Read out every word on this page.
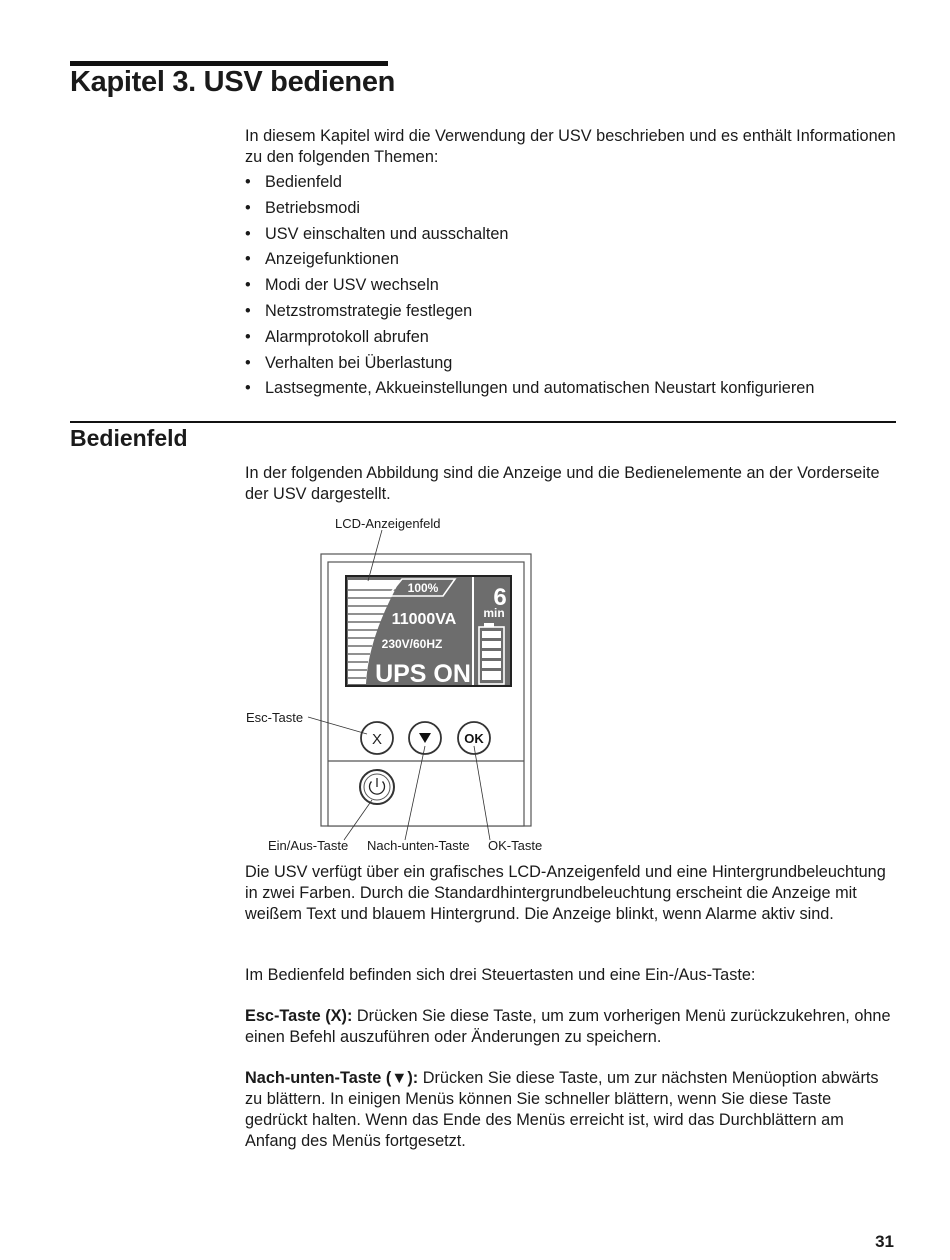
Kapitel 3. USV bedienen

In diesem Kapitel wird die Verwendung der USV beschrieben und es enthält Informationen zu den folgenden Themen:

• Bedienfeld
• Betriebsmodi
• USV einschalten und ausschalten
• Anzeigefunktionen
• Modi der USV wechseln
• Netzstromstrategie festlegen
• Alarmprotokoll abrufen
• Verhalten bei Überlastung
• Lastsegmente, Akkueinstellungen und automatischen Neustart konfigurieren
Bedienfeld

In der folgenden Abbildung sind die Anzeige und die Bedienelemente an der Vorderseite der USV dargestellt.

LCD-Anzeigenfeld
Esc-Taste
Ein/Aus-Taste Nach-unten-Taste OK-Taste
100%
11000VA
230V/60HZ
UPS ON
6
min
X	OK

Die USV verfügt über ein grafisches LCD-Anzeigenfeld und eine Hintergrundbeleuchtung in zwei Farben. Durch die Standardhintergrundbeleuchtung erscheint die Anzeige mit weißem Text und blauem Hintergrund. Die Anzeige blinkt, wenn Alarme aktiv sind.

Im Bedienfeld befinden sich drei Steuertasten und eine Ein-/Aus-Taste:

Esc-Taste (X): Drücken Sie diese Taste, um zum vorherigen Menü zurückzukehren, ohne einen Befehl auszuführen oder Änderungen zu speichern.

Nach-unten-Taste (▼): Drücken Sie diese Taste, um zur nächsten Menüoption abwärts zu blättern. In einigen Menüs können Sie schneller blättern, wenn Sie diese Taste gedrückt halten. Wenn das Ende des Menüs erreicht ist, wird das Durchblättern am Anfang des Menüs fortgesetzt.

31
